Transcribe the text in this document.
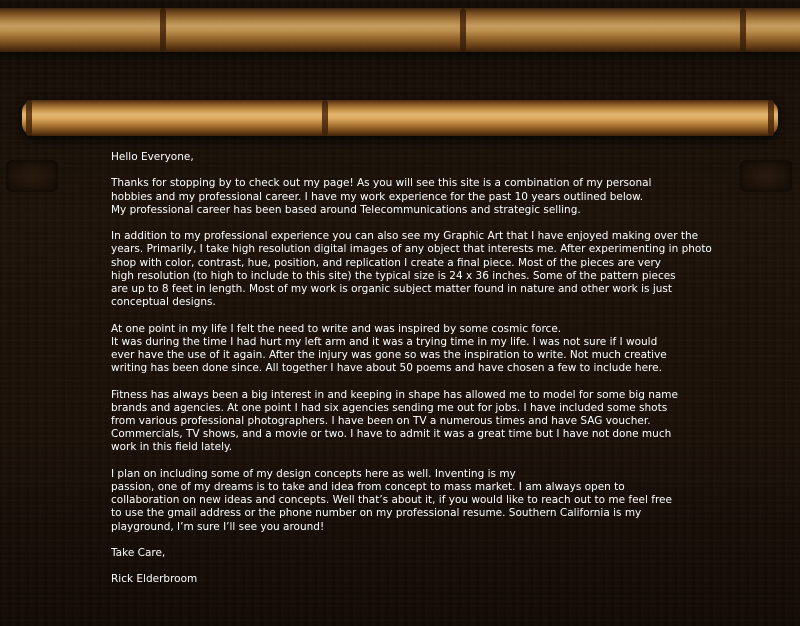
Hello Everyone,

Thanks for stopping by to check out my page! As you will see this site is a combination of my personal
hobbies and my professional career. I have my work experience for the past 10 years outlined below.
My professional career has been based around Telecommunications and strategic selling.

In addition to my professional experience you can also see my Graphic Art that I have enjoyed making over the
years. Primarily, I take high resolution digital images of any object that interests me. After experimenting in photo
shop with color, contrast, hue, position, and replication I create a final piece. Most of the pieces are very
high resolution (to high to include to this site) the typical size is 24 x 36 inches. Some of the pattern pieces
are up to 8 feet in length. Most of my work is organic subject matter found in nature and other work is just
conceptual designs.

At one point in my life I felt the need to write and was inspired by some cosmic force.
It was during the time I had hurt my left arm and it was a trying time in my life. I was not sure if I would
ever have the use of it again. After the injury was gone so was the inspiration to write. Not much creative
writing has been done since. All together I have about 50 poems and have chosen a few to include here.

Fitness has always been a big interest in and keeping in shape has allowed me to model for some big name
brands and agencies. At one point I had six agencies sending me out for jobs. I have included some shots
from various professional photographers. I have been on TV a numerous times and have SAG voucher.
Commercials, TV shows, and a movie or two. I have to admit it was a great time but I have not done much
work in this field lately.

I plan on including some of my design concepts here as well. Inventing is my
passion, one of my dreams is to take and idea from concept to mass market. I am always open to
collaboration on new ideas and concepts. Well that’s about it, if you would like to reach out to me feel free
to use the gmail address or the phone number on my professional resume. Southern California is my
playground, I’m sure I’ll see you around!

Take Care,

Rick Elderbroom
